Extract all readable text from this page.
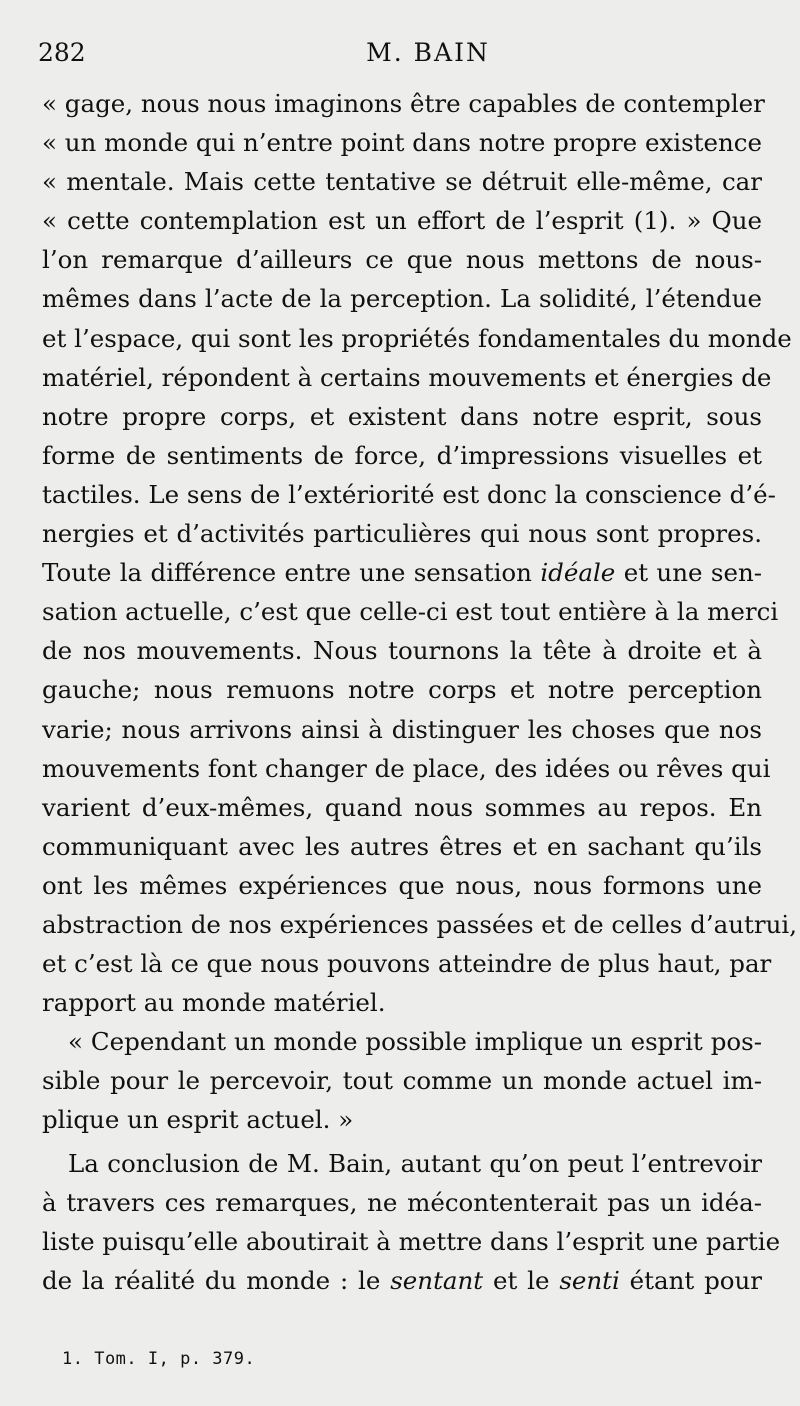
282	M. BAIN
« gage, nous nous imaginons être capables de contempler
« un monde qui n’entre point dans notre propre existence
« mentale. Mais cette tentative se détruit elle-même, car
« cette contemplation est un effort de l’esprit (1). » Que
l’on remarque d’ailleurs ce que nous mettons de nous-
mêmes dans l’acte de la perception. La solidité, l’étendue
et l’espace, qui sont les propriétés fondamentales du monde
matériel, répondent à certains mouvements et énergies de
notre propre corps, et existent dans notre esprit, sous
forme de sentiments de force, d’impressions visuelles et
tactiles. Le sens de l’extériorité est donc la conscience d’é-
nergies et d’activités particulières qui nous sont propres.
Toute la différence entre une sensation idéale et une sen-
sation actuelle, c’est que celle-ci est tout entière à la merci
de nos mouvements. Nous tournons la tête à droite et à
gauche; nous remuons notre corps et notre perception
varie; nous arrivons ainsi à distinguer les choses que nos
mouvements font changer de place, des idées ou rêves qui
varient d’eux-mêmes, quand nous sommes au repos. En
communiquant avec les autres êtres et en sachant qu’ils
ont les mêmes expériences que nous, nous formons une
abstraction de nos expériences passées et de celles d’autrui,
et c’est là ce que nous pouvons atteindre de plus haut, par
rapport au monde matériel.
« Cependant un monde possible implique un esprit pos-
sible pour le percevoir, tout comme un monde actuel im-
plique un esprit actuel. »
La conclusion de M. Bain, autant qu’on peut l’entrevoir
à travers ces remarques, ne mécontenterait pas un idéa-
liste puisqu’elle aboutirait à mettre dans l’esprit une partie
de la réalité du monde : le sentant et le senti étant pour
1. Tom. I, p. 379.
